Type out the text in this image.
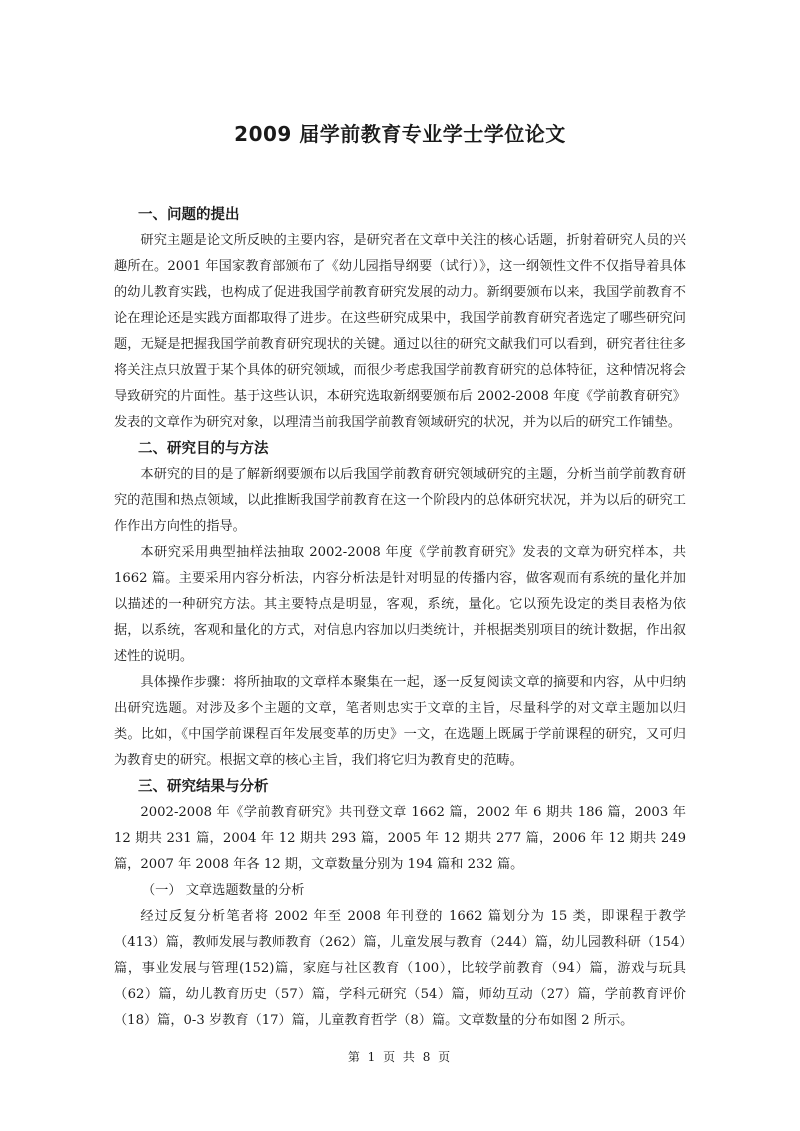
2009 届学前教育专业学士学位论文
一、问题的提出

研究主题是论文所反映的主要内容，是研究者在文章中关注的核心话题，折射着研究人员的兴趣所在。2001 年国家教育部颁布了《幼儿园指导纲要（试行）》，这一纲领性文件不仅指导着具体的幼儿教育实践，也构成了促进我国学前教育研究发展的动力。新纲要颁布以来，我国学前教育不论在理论还是实践方面都取得了进步。在这些研究成果中，我国学前教育研究者选定了哪些研究问题，无疑是把握我国学前教育研究现状的关键。通过以往的研究文献我们可以看到，研究者往往多将关注点只放置于某个具体的研究领域，而很少考虑我国学前教育研究的总体特征，这种情况将会导致研究的片面性。基于这些认识，本研究选取新纲要颁布后 2002-2008 年度《学前教育研究》发表的文章作为研究对象，以理清当前我国学前教育领域研究的状况，并为以后的研究工作铺垫。

二、研究目的与方法

本研究的目的是了解新纲要颁布以后我国学前教育研究领域研究的主题，分析当前学前教育研究的范围和热点领域，以此推断我国学前教育在这一个阶段内的总体研究状况，并为以后的研究工作作出方向性的指导。

本研究采用典型抽样法抽取 2002-2008 年度《学前教育研究》发表的文章为研究样本，共 1662 篇。主要采用内容分析法，内容分析法是针对明显的传播内容，做客观而有系统的量化并加以描述的一种研究方法。其主要特点是明显，客观，系统，量化。它以预先设定的类目表格为依据，以系统，客观和量化的方式，对信息内容加以归类统计，并根据类别项目的统计数据，作出叙述性的说明。

具体操作步骤：将所抽取的文章样本聚集在一起，逐一反复阅读文章的摘要和内容，从中归纳出研究选题。对涉及多个主题的文章，笔者则忠实于文章的主旨，尽量科学的对文章主题加以归类。比如，《中国学前课程百年发展变革的历史》一文，在选题上既属于学前课程的研究，又可归为教育史的研究。根据文章的核心主旨，我们将它归为教育史的范畴。

三、研究结果与分析

2002-2008 年《学前教育研究》共刊登文章 1662 篇，2002 年 6 期共 186 篇，2003 年 12 期共 231 篇，2004 年 12 期共 293 篇，2005 年 12 期共 277 篇，2006 年 12 期共 249 篇，2007 年 2008 年各 12 期，文章数量分别为 194 篇和 232 篇。

（一） 文章选题数量的分析

经过反复分析笔者将 2002 年至 2008 年刊登的 1662 篇划分为 15 类，即课程于教学（413）篇，教师发展与教师教育（262）篇，儿童发展与教育（244）篇，幼儿园教科研（154）篇，事业发展与管理(152)篇，家庭与社区教育（100），比较学前教育（94）篇，游戏与玩具（62）篇，幼儿教育历史（57）篇，学科元研究（54）篇，师幼互动（27）篇，学前教育评价（18）篇，0-3 岁教育（17）篇，儿童教育哲学（8）篇。文章数量的分布如图 2 所示。

第 1 页 共 8 页
